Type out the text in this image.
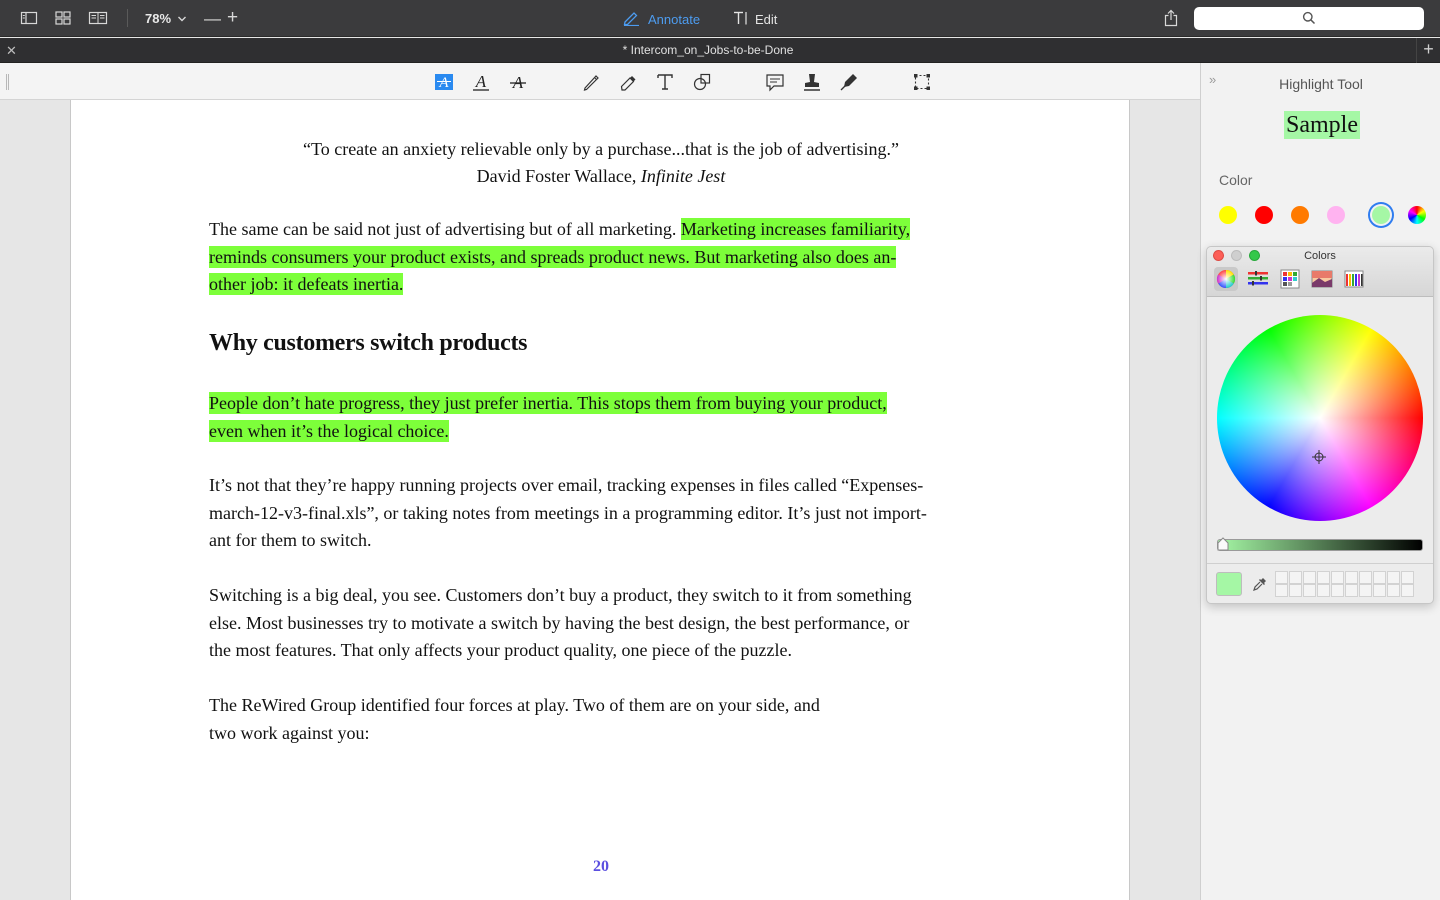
78% — +	Annotate	Edit
✕	* Intercom_on_Jobs-to-be-Done	+
A A A
“To create an anxiety relievable only by a purchase...that is the job of advertising.”
David Foster Wallace, Infinite Jest
The same can be said not just of advertising but of all marketing. Marketing increases familiarity,
reminds consumers your product exists, and spreads product news. But marketing also does an-
other job: it defeats inertia.
Why customers switch products
People don’t hate progress, they just prefer inertia. This stops them from buying your product,
even when it’s the logical choice.
It’s not that they’re happy running projects over email, tracking expenses in files called “Expenses-
march-12-v3-final.xls”, or taking notes from meetings in a programming editor. It’s just not import-
ant for them to switch.
Switching is a big deal, you see. Customers don’t buy a product, they switch to it from something
else. Most businesses try to motivate a switch by having the best design, the best performance, or
the most features. That only affects your product quality, one piece of the puzzle.
The ReWired Group identified four forces at play. Two of them are on your side, and
two work against you:
20
»	Highlight Tool
Sample
Color
Colors
